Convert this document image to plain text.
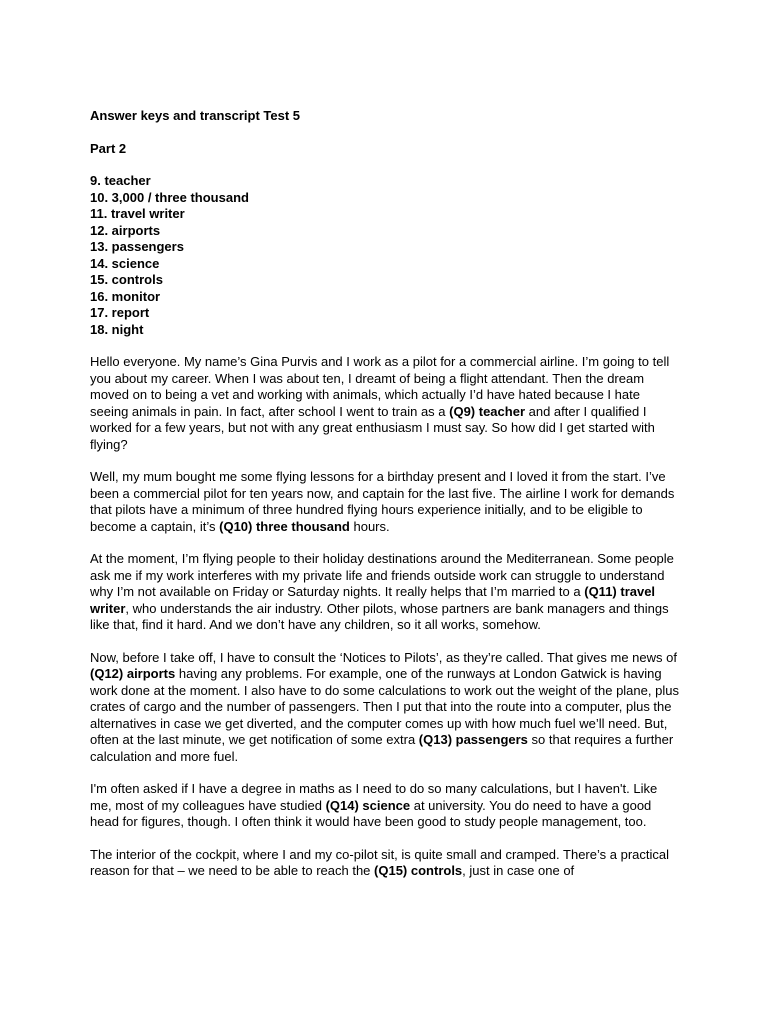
Answer keys and transcript Test 5

Part 2

9. teacher
10. 3,000 / three thousand
11. travel writer
12. airports
13. passengers
14. science
15. controls
16. monitor
17. report
18. night

Hello everyone. My name’s Gina Purvis and I work as a pilot for a commercial airline. I’m going to tell you about my career. When I was about ten, I dreamt of being a flight attendant. Then the dream moved on to being a vet and working with animals, which actually I’d have hated because I hate seeing animals in pain. In fact, after school I went to train as a (Q9) teacher and after I qualified I worked for a few years, but not with any great enthusiasm I must say. So how did I get started with flying?

Well, my mum bought me some flying lessons for a birthday present and I loved it from the start. I’ve been a commercial pilot for ten years now, and captain for the last five. The airline I work for demands that pilots have a minimum of three hundred flying hours experience initially, and to be eligible to become a captain, it’s (Q10) three thousand hours.

At the moment, I’m flying people to their holiday destinations around the Mediterranean. Some people ask me if my work interferes with my private life and friends outside work can struggle to understand why I’m not available on Friday or Saturday nights. It really helps that I’m married to a (Q11) travel writer, who understands the air industry. Other pilots, whose partners are bank managers and things like that, find it hard. And we don’t have any children, so it all works, somehow.

Now, before I take off, I have to consult the ‘Notices to Pilots’, as they’re called. That gives me news of (Q12) airports having any problems. For example, one of the runways at London Gatwick is having work done at the moment. I also have to do some calculations to work out the weight of the plane, plus crates of cargo and the number of passengers. Then I put that into the route into a computer, plus the alternatives in case we get diverted, and the computer comes up with how much fuel we’ll need. But, often at the last minute, we get notification of some extra (Q13) passengers so that requires a further calculation and more fuel.

I'm often asked if I have a degree in maths as I need to do so many calculations, but I haven't. Like me, most of my colleagues have studied (Q14) science at university. You do need to have a good head for figures, though. I often think it would have been good to study people management, too.

The interior of the cockpit, where I and my co-pilot sit, is quite small and cramped. There’s a practical reason for that – we need to be able to reach the (Q15) controls, just in case one of
